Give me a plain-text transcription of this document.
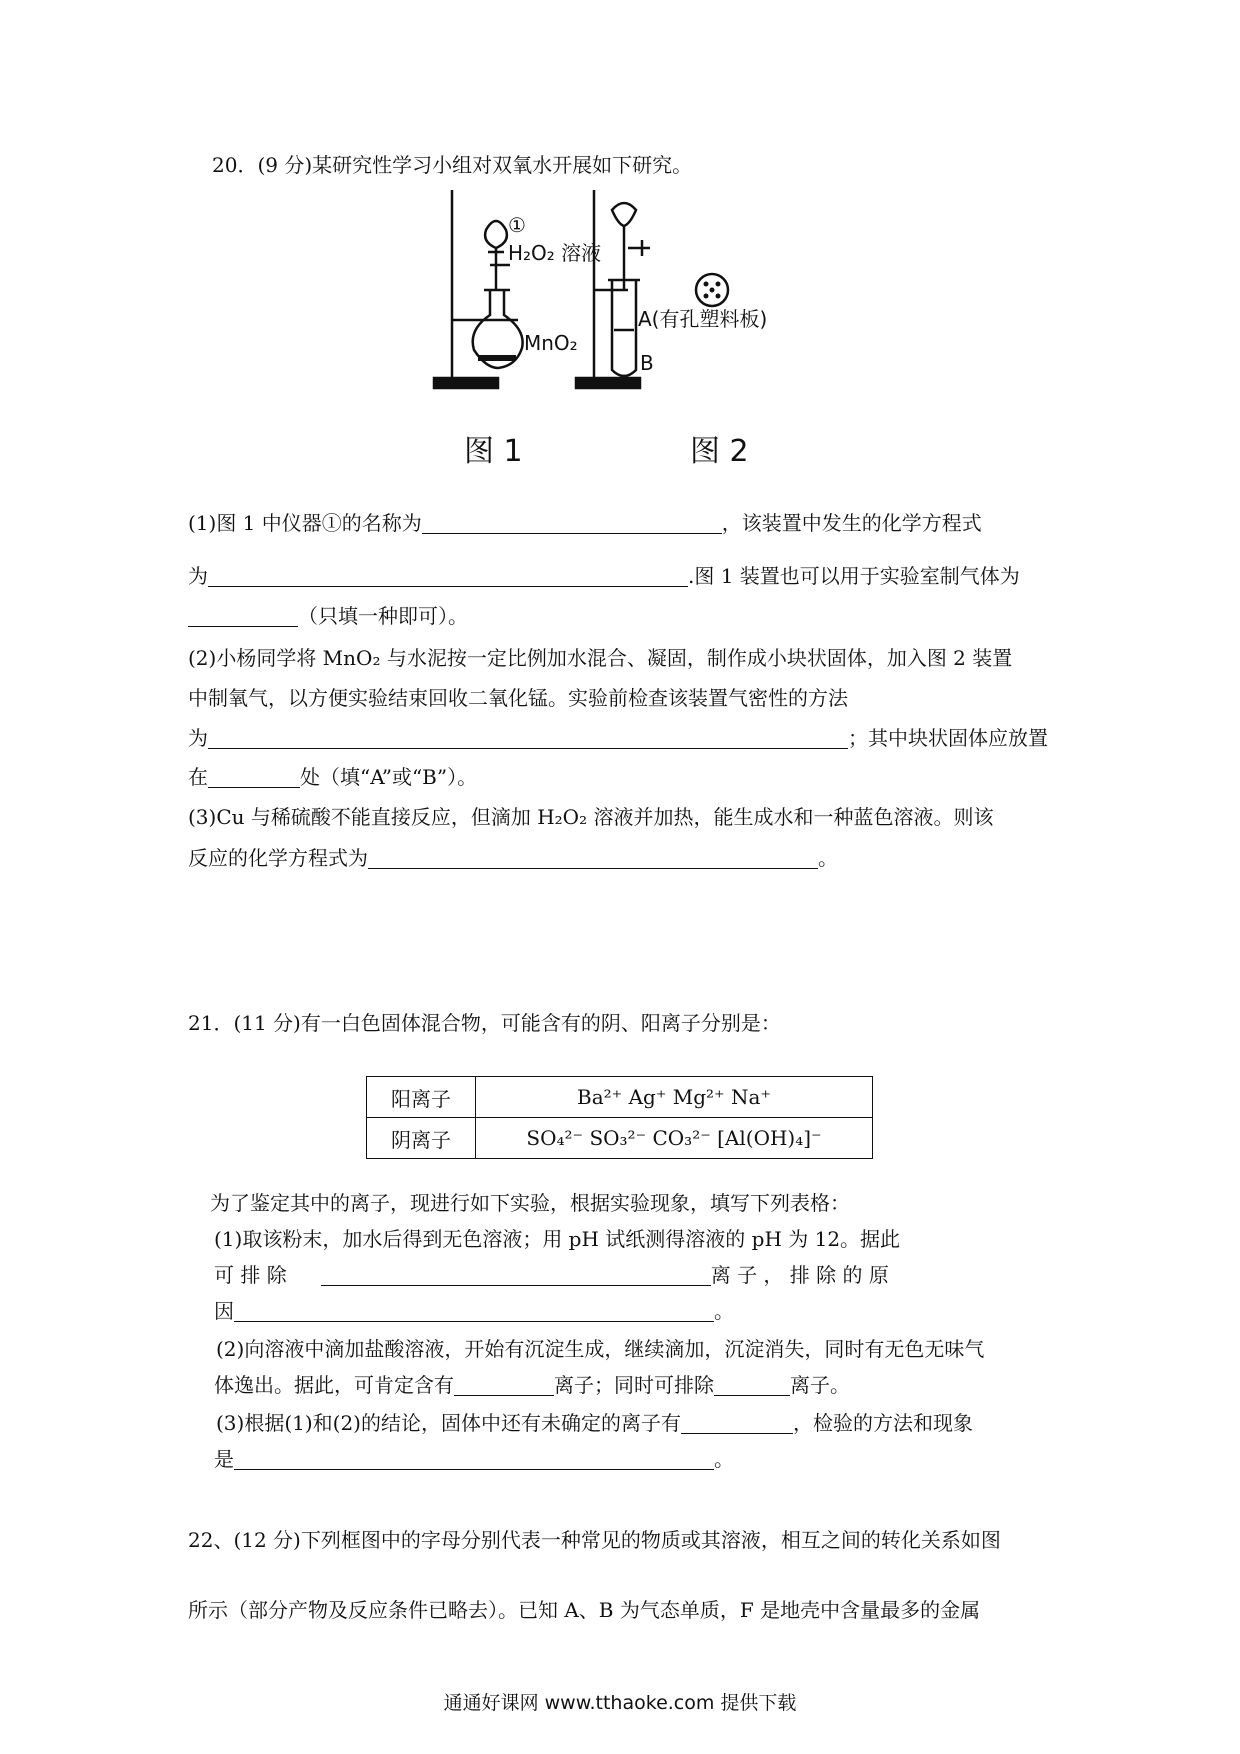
20．(9 分)某研究性学习小组对双氧水开展如下研究。
①
H₂O₂ 溶液
MnO₂
A(有孔塑料板)
B
图 1	图 2
(1)图 1 中仪器①的名称为	，该装置中发生的化学方程式
为	.图 1 装置也可以用于实验室制气体为
（只填一种即可）。
(2)小杨同学将 MnO₂ 与水泥按一定比例加水混合、凝固，制作成小块状固体，加入图 2 装置
中制氧气，以方便实验结束回收二氧化锰。实验前检查该装置气密性的方法
为	；其中块状固体应放置
在	处（填“A”或“B”）。
(3)Cu 与稀硫酸不能直接反应，但滴加 H₂O₂ 溶液并加热，能生成水和一种蓝色溶液。则该
反应的化学方程式为	。
21．(11 分)有一白色固体混合物，可能含有的阴、阳离子分别是：
阳离子	Ba²⁺ Ag⁺ Mg²⁺ Na⁺
阴离子	SO₄²⁻ SO₃²⁻ CO₃²⁻ [Al(OH)₄]⁻
为了鉴定其中的离子，现进行如下实验，根据实验现象，填写下列表格：
(1)取该粉末，加水后得到无色溶液；用 pH 试纸测得溶液的 pH 为 12。据此
可 排 除	离 子 ， 排 除 的 原
因	。
(2)向溶液中滴加盐酸溶液，开始有沉淀生成，继续滴加，沉淀消失，同时有无色无味气
体逸出。据此，可肯定含有	离子；同时可排除	离子。
(3)根据(1)和(2)的结论，固体中还有未确定的离子有	，检验的方法和现象
是	。
22、(12 分)下列框图中的字母分别代表一种常见的物质或其溶液，相互之间的转化关系如图
所示（部分产物及反应条件已略去）。已知 A、B 为气态单质，F 是地壳中含量最多的金属
通通好课网 www.tthaoke.com 提供下载
